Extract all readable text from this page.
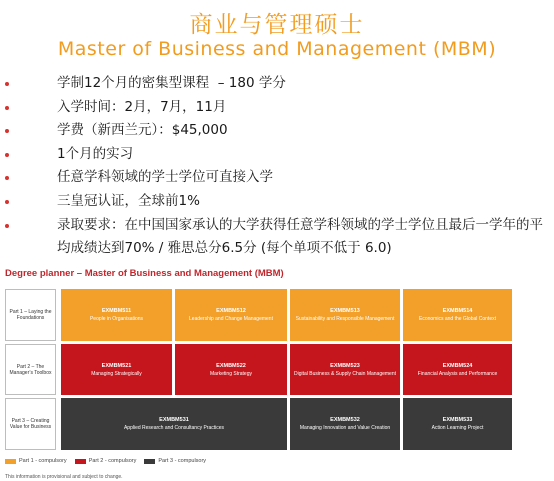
商业与管理硕士
Master of Business and Management (MBM)
学制12个月的密集型课程  – 180 学分
入学时间：2月，7月，11月
学费（新西兰元）：$45,000
1个月的实习
任意学科领域的学士学位可直接入学
三皇冠认证，全球前1%
录取要求：在中国国家承认的大学获得任意学科领域的学士学位且最后一学年的平均成绩达到70% / 雅思总分6.5分 (每个单项不低于 6.0)
Degree planner – Master of Business and Management (MBM)
Part 1 – Laying the Foundations
EXMBM511
People in Organisations
EXMBM512
Leadership and Change Management
EXMBM513
Sustainability and Responsible Management
EXMBM514
Economics and the Global Context
Part 2 – The Manager’s Toolbox
EXMBM521
Managing Strategically
EXMBM522
Marketing Strategy
EXMBM523
Digital Business & Supply Chain Management
EXMBM524
Financial Analysis and Performance
Part 3 – Creating Value for Business
EXMBM531
Applied Research and Consultancy Practices
EXMBM532
Managing Innovation and Value Creation
EXMBM533
Action Learning Project
Part 1 - compulsory	Part 2 - compulsory	Part 3 - compulsory
This information is provisional and subject to change.
